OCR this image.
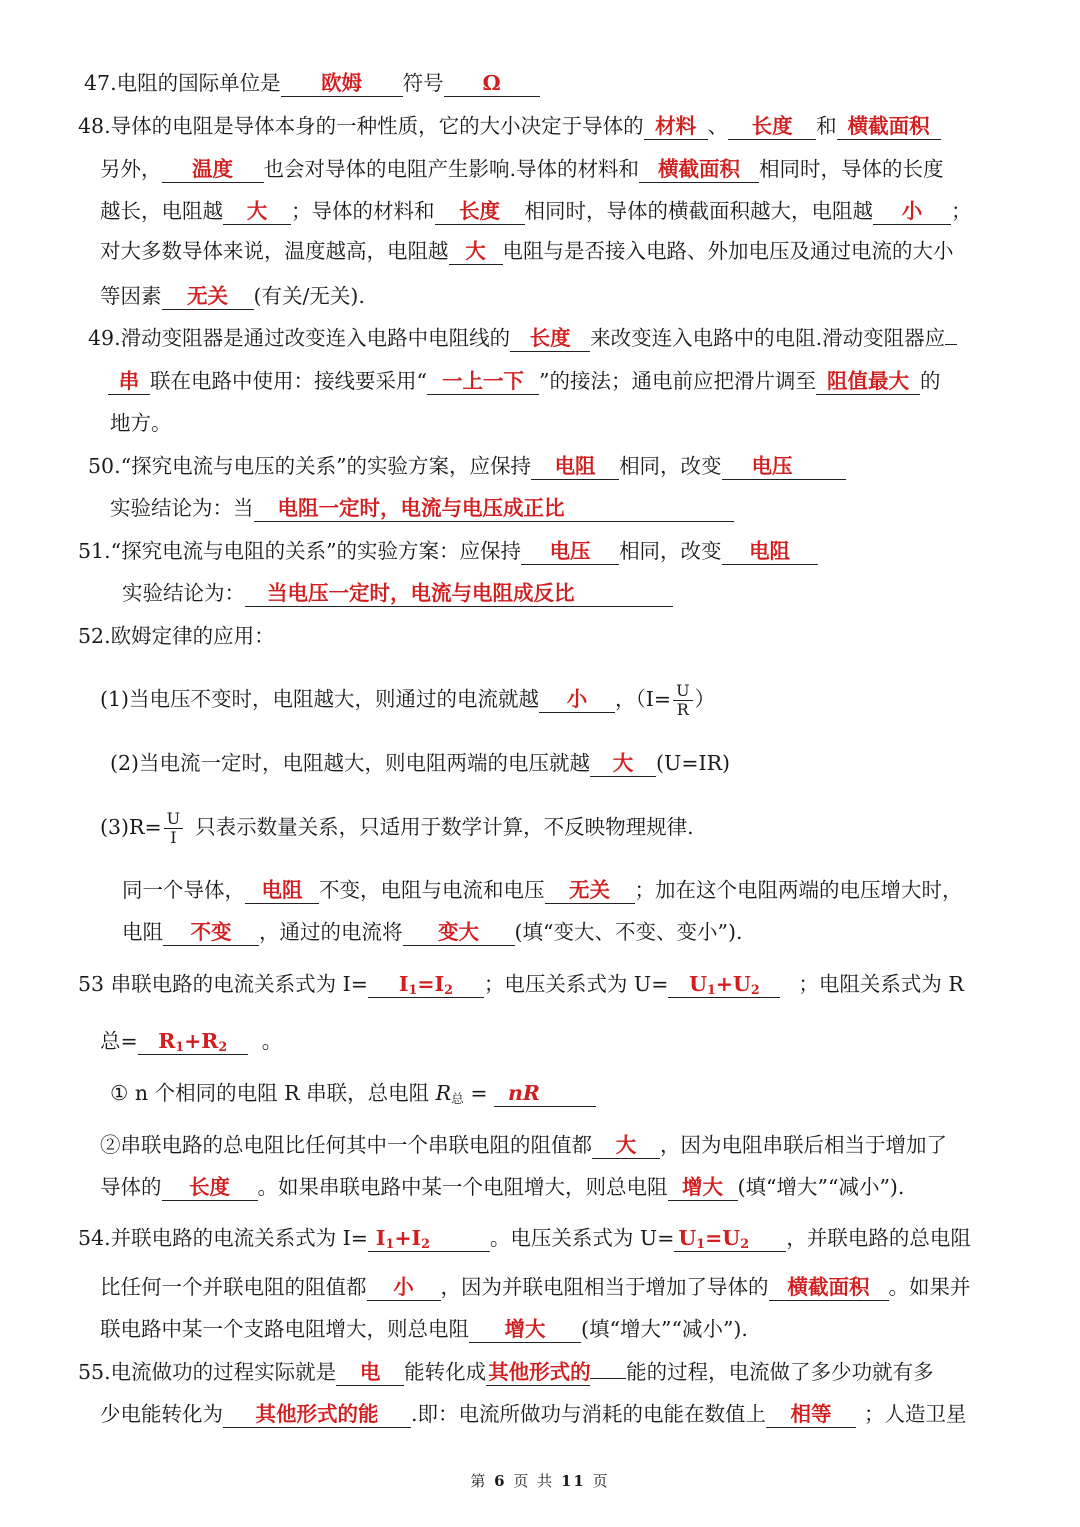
47.电阻的国际单位是 欧姆 符号 Ω
48.导体的电阻是导体本身的一种性质，它的大小决定于导体的 材料 、 长度 和 横截面积
另外， 温度 也会对导体的电阻产生影响.导体的材料和 横截面积 相同时，导体的长度
越长，电阻越 大 ；导体的材料和 长度 相同时，导体的横截面积越大，电阻越 小 ；
对大多数导体来说，温度越高，电阻越 大 电阻与是否接入电路、外加电压及通过电流的大小
等因素 无关 (有关/无关).
49.滑动变阻器是通过改变连入电路中电阻线的 长度 来改变连入电路中的电阻.滑动变阻器应
串 联在电路中使用：接线要采用“ 一上一下 ”的接法；通电前应把滑片调至 阻值最大 的
地方。
50.“探究电流与电压的关系”的实验方案，应保持 电阻 相同，改变 电压
实验结论为：当 电阻一定时，电流与电压成正比
51.“探究电流与电阻的关系”的实验方案：应保持 电压 相同，改变 电阻
实验结论为： 当电压一定时，电流与电阻成反比
52.欧姆定律的应用：
(1)当电压不变时，电阻越大，则通过的电流就越 小 ，（$I= \frac{U}{R}$ ）
(2)当电流一定时，电阻越大，则电阻两端的电压就越 大 (U=IR)
$(3)R= \frac{U}{I}$ 只表示数量关系，只适用于数学计算，不反映物理规律.
同一个导体， 电阻 不变，电阻与电流和电压 无关 ；加在这个电阻两端的电压增大时，
电阻 不变 ，通过的电流将 变大 (填“变大、不变、变小”).
53 串联电路的电流关系式为 $I= I_1=I_2$ ；电压关系式为 $U= U_1+U_2$ ；电阻关系式为 R
总= $R_1+R_2$ 。
① n 个相同的电阻 R 串联，总电阻 $R_总$ = nR
②串联电路的总电阻比任何其中一个串联电阻的阻值都 大 ，因为电阻串联后相当于增加了
导体的 长度 。如果串联电路中某一个电阻增大，则总电阻 增大 (填“增大”“减小”).
54.并联电路的电流关系式为 $I= I_1+I_2$	。电压关系式为 $U= U_1=U_2$ ，并联电路的总电阻
比任何一个并联电阻的阻值都 小 ，因为并联电阻相当于增加了导体的 横截面积 。如果并
联电路中某一个支路电阻增大，则总电阻 增大 (填“增大”“减小”).
55.电流做功的过程实际就是 电 能转化成其他形式的 能的过程，电流做了多少功就有多
少电能转化为 其他形式的能 .即：电流所做功与消耗的电能在数值上 相等 ；人造卫星
第 6 页 共 11 页
